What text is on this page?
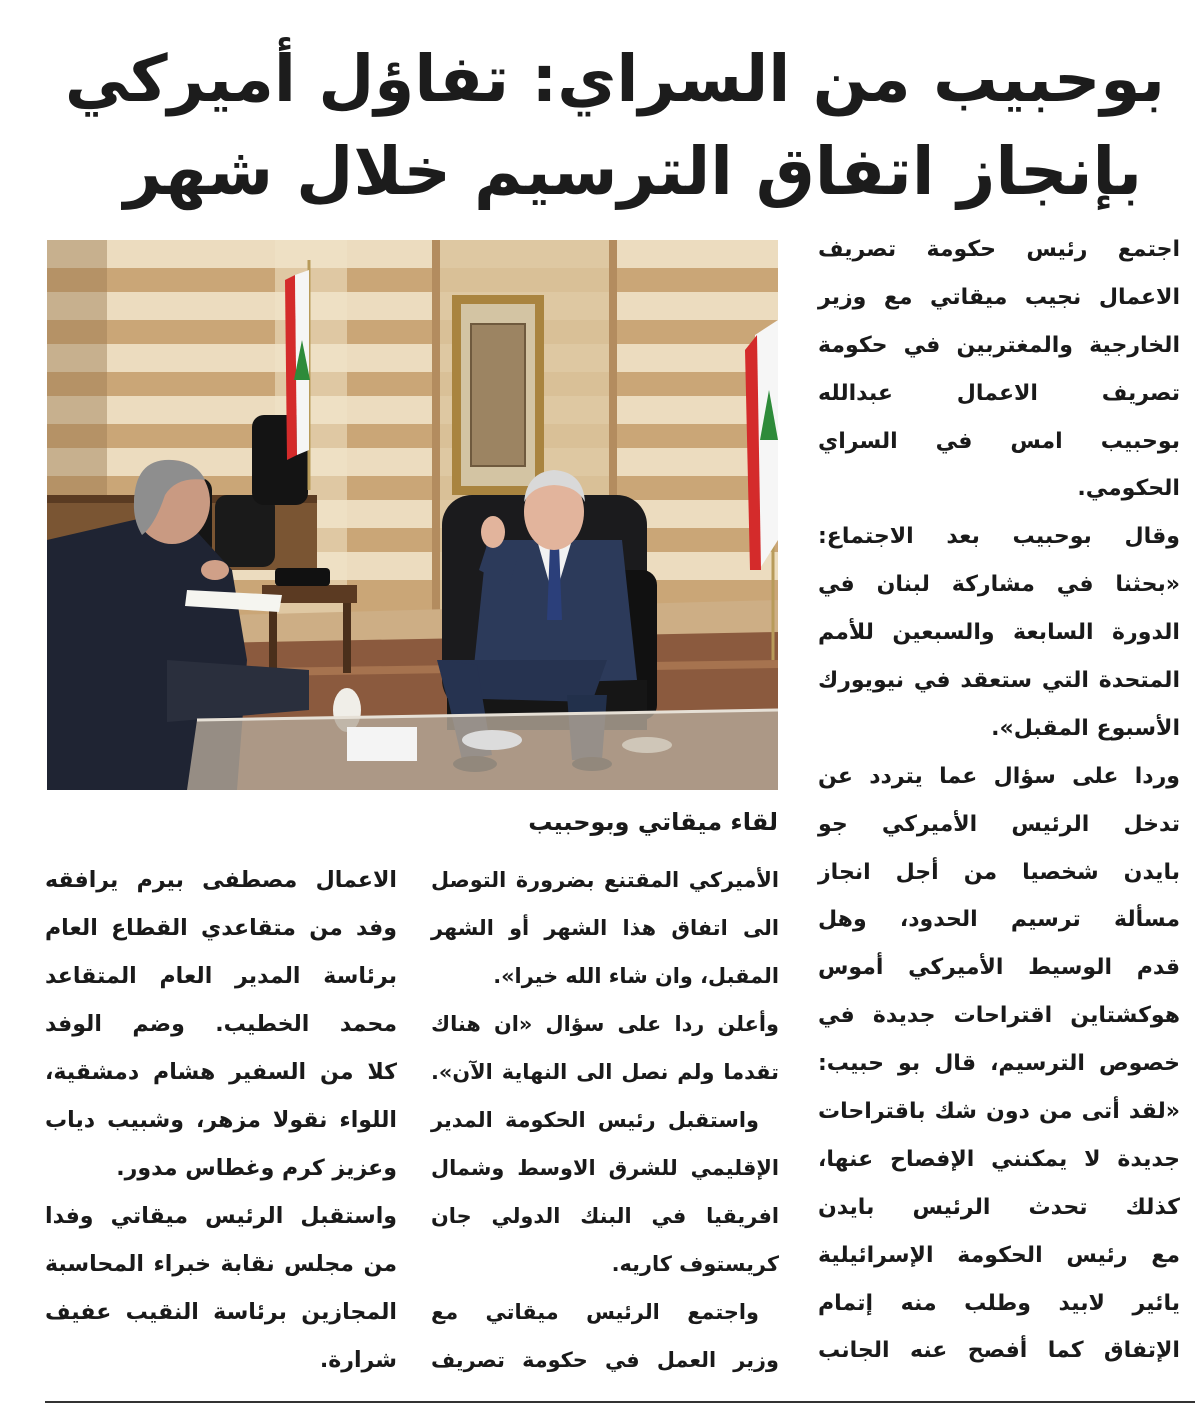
بوحبيب من السراي: تفاؤل أميركي
بإنجاز اتفاق الترسيم خلال شهر
لقاء ميقاتي وبوحبيب
اجتمع رئيس حكومة تصريف
الاعمال نجيب ميقاتي مع وزير
الخارجية والمغتربين في حكومة
تصريف الاعمال عبدالله
بوحبيب امس في السراي
الحكومي.
وقال بوحبيب بعد الاجتماع:
«بحثنا في مشاركة لبنان في
الدورة السابعة والسبعين للأمم
المتحدة التي ستعقد في نيويورك
الأسبوع المقبل».
وردا على سؤال عما يتردد عن
تدخل الرئيس الأميركي جو
بايدن شخصيا من أجل انجاز
مسألة ترسيم الحدود، وهل
قدم الوسيط الأميركي أموس
هوكشتاين اقتراحات جديدة في
خصوص الترسيم، قال بو حبيب:
«لقد أتى من دون شك باقتراحات
جديدة لا يمكنني الإفصاح عنها،
كذلك تحدث الرئيس بايدن
مع رئيس الحكومة الإسرائيلية
يائير لابيد وطلب منه إتمام
الإتفاق كما أفصح عنه الجانب
الأميركي المقتنع بضرورة التوصل
الى اتفاق هذا الشهر أو الشهر
المقبل، وان شاء الله خيرا».
وأعلن ردا على سؤال «ان هناك
تقدما ولم نصل الى النهاية الآن».
واستقبل رئيس الحكومة المدير
الإقليمي للشرق الاوسط وشمال
افريقيا في البنك الدولي جان
كريستوف كاريه.
واجتمع الرئيس ميقاتي مع
وزير العمل في حكومة تصريف
الاعمال مصطفى بيرم يرافقه
وفد من متقاعدي القطاع العام
برئاسة المدير العام المتقاعد
محمد الخطيب. وضم الوفد
كلا من السفير هشام دمشقية،
اللواء نقولا مزهر، وشبيب دياب
وعزيز كرم وغطاس مدور.
واستقبل الرئيس ميقاتي وفدا
من مجلس نقابة خبراء المحاسبة
المجازين برئاسة النقيب عفيف
شرارة.
